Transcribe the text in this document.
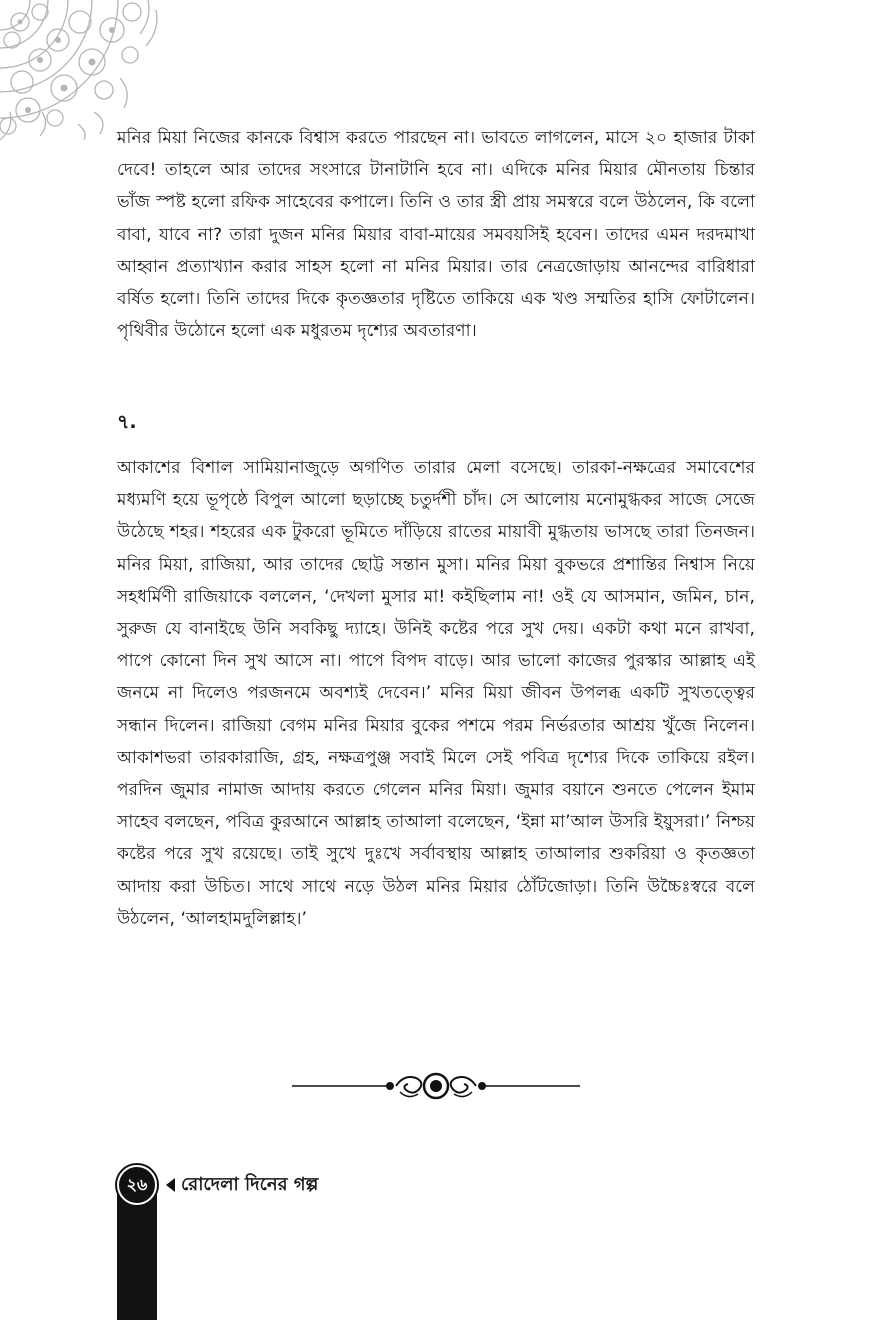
মনির মিয়া নিজের কানকে বিশ্বাস করতে পারছেন না। ভাবতে লাগলেন, মাসে ২০ হাজার টাকা দেবে! তাহলে আর তাদের সংসারে টানাটানি হবে না। এদিকে মনির মিয়ার মৌনতায় চিন্তার ভাঁজ স্পষ্ট হলো রফিক সাহেবের কপালে। তিনি ও তার স্ত্রী প্রায় সমস্বরে বলে উঠলেন, কি বলো বাবা, যাবে না? তারা দুজন মনির মিয়ার বাবা-মায়ের সমবয়সিই হবেন। তাদের এমন দরদমাখা আহ্বান প্রত্যাখ্যান করার সাহস হলো না মনির মিয়ার। তার নেত্রজোড়ায় আনন্দের বারিধারা বর্ষিত হলো। তিনি তাদের দিকে কৃতজ্ঞতার দৃষ্টিতে তাকিয়ে এক খণ্ড সম্মতির হাসি ফোটালেন। পৃথিবীর উঠোনে হলো এক মধুরতম দৃশ্যের অবতারণা।

৭.

আকাশের বিশাল সামিয়ানাজুড়ে অগণিত তারার মেলা বসেছে। তারকা-নক্ষত্রের সমাবেশের মধ্যমণি হয়ে ভূপৃষ্ঠে বিপুল আলো ছড়াচ্ছে চতুর্দশী চাঁদ। সে আলোয় মনোমুগ্ধকর সাজে সেজে উঠেছে শহর। শহরের এক টুকরো ভূমিতে দাঁড়িয়ে রাতের মায়াবী মুগ্ধতায় ভাসছে তারা তিনজন। মনির মিয়া, রাজিয়া, আর তাদের ছোট্ট সন্তান মুসা। মনির মিয়া বুকভরে প্রশান্তির নিশ্বাস নিয়ে সহধর্মিণী রাজিয়াকে বললেন, ‘দেখলা মুসার মা! কইছিলাম না! ওই যে আসমান, জমিন, চান, সুরুজ যে বানাইছে উনি সবকিছু দ্যাহে। উনিই কষ্টের পরে সুখ দেয়। একটা কথা মনে রাখবা, পাপে কোনো দিন সুখ আসে না। পাপে বিপদ বাড়ে। আর ভালো কাজের পুরস্কার আল্লাহ এই জনমে না দিলেও পরজনমে অবশ্যই দেবেন।’ মনির মিয়া জীবন উপলব্ধ একটি সুখতত্ত্বের সন্ধান দিলেন। রাজিয়া বেগম মনির মিয়ার বুকের পশমে পরম নির্ভরতার আশ্রয় খুঁজে নিলেন। আকাশভরা তারকারাজি, গ্রহ, নক্ষত্রপুঞ্জ সবাই মিলে সেই পবিত্র দৃশ্যের দিকে তাকিয়ে রইল। পরদিন জুমার নামাজ আদায় করতে গেলেন মনির মিয়া। জুমার বয়ানে শুনতে পেলেন ইমাম সাহেব বলছেন, পবিত্র কুরআনে আল্লাহ তাআলা বলেছেন, ‘ইন্না মা’আল উসরি ইয়ুসরা।’ নিশ্চয় কষ্টের পরে সুখ রয়েছে। তাই সুখে দুঃখে সর্বাবস্থায় আল্লাহ তাআলার শুকরিয়া ও কৃতজ্ঞতা আদায় করা উচিত। সাথে সাথে নড়ে উঠল মনির মিয়ার ঠোঁটজোড়া। তিনি উচ্চৈঃস্বরে বলে উঠলেন, ‘আলহামদুলিল্লাহ।’

২৬	রোদেলা দিনের গল্প
